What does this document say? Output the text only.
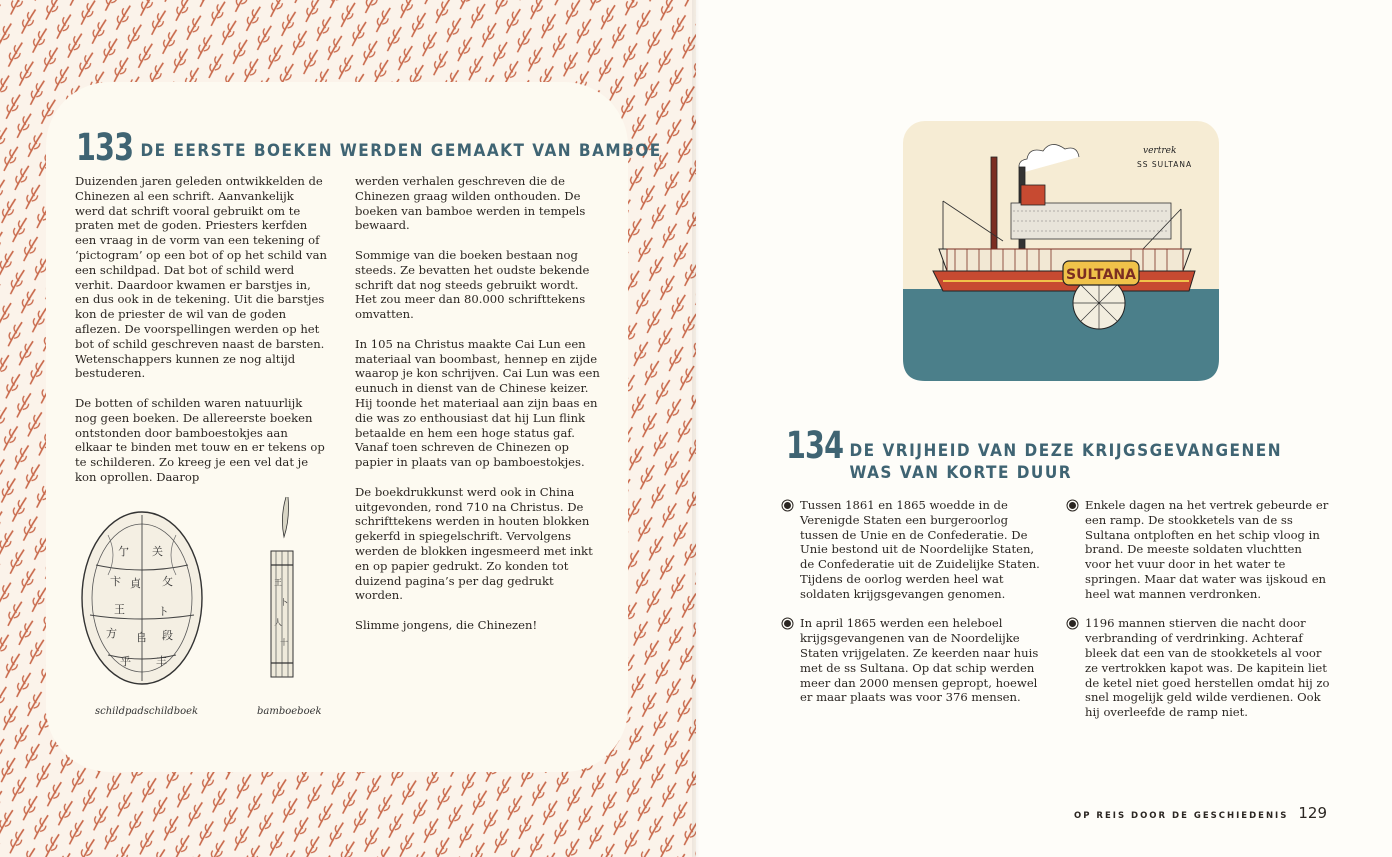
133 DE EERSTE BOEKEN WERDEN GEMAAKT VAN BAMBOE

Duizenden jaren geleden ontwikkelden de Chinezen al een schrift. Aanvankelijk werd dat schrift vooral gebruikt om te praten met de goden. Priesters kerfden een vraag in de vorm van een tekening of ‘pictogram’ op een bot of op het schild van een schildpad. Dat bot of schild werd verhit. Daardoor kwamen er barstjes in, en dus ook in de tekening. Uit die barstjes kon de priester de wil van de goden aflezen. De voorspellingen werden op het bot of schild geschreven naast de barsten. Wetenschappers kunnen ze nog altijd bestuderen.

De botten of schilden waren natuurlijk nog geen boeken. De allereerste boeken ontstonden door bamboestokjes aan elkaar te binden met touw en er tekens op te schilderen. Zo kreeg je een vel dat je kon oprollen. Daarop

werden verhalen geschreven die de Chinezen graag wilden onthouden. De boeken van bamboe werden in tempels bewaard.

Sommige van die boeken bestaan nog steeds. Ze bevatten het oudste bekende schrift dat nog steeds gebruikt wordt. Het zou meer dan 80.000 schrifttekens omvatten.

In 105 na Christus maakte Cai Lun een materiaal van boombast, hennep en zijde waarop je kon schrijven. Cai Lun was een eunuch in dienst van de Chinese keizer. Hij toonde het materiaal aan zijn baas en die was zo enthousiast dat hij Lun flink betaalde en hem een hoge status gaf. Vanaf toen schreven de Chinezen op papier in plaats van op bamboestokjes.

De boekdrukkunst werd ook in China uitgevonden, rond 710 na Christus. De schrifttekens werden in houten blokken gekerfd in spiegelschrift. Vervolgens werden de blokken ingesmeerd met inkt en op papier gedrukt. Zo konden tot duizend pagina’s per dag gedrukt worden.

Slimme jongens, die Chinezen!

亇 关
卞 貞 攵
王	ト
方 𠂤 段
乎 丰
王
卜
人
十
schildpadschildboek	bamboeboek
SULTANA
vertrek
SS SULTANA
134 DE VRIJHEID VAN DEZE KRIJGSGEVANGENEN
WAS VAN KORTE DUUR
Tussen 1861 en 1865 woedde in de Verenigde Staten een burgeroorlog tussen de Unie en de Confederatie. De Unie bestond uit de Noordelijke Staten, de Confederatie uit de Zuidelijke Staten. Tijdens de oorlog werden heel wat soldaten krijgsgevangen genomen.
In april 1865 werden een heleboel krijgsgevangenen van de Noordelijke Staten vrijgelaten. Ze keerden naar huis met de ss Sultana. Op dat schip werden meer dan 2000 mensen gepropt, hoewel er maar plaats was voor 376 mensen.
Enkele dagen na het vertrek gebeurde er een ramp. De stookketels van de ss Sultana ontploften en het schip vloog in brand. De meeste soldaten vluchtten voor het vuur door in het water te springen. Maar dat water was ijskoud en heel wat mannen verdronken.
1196 mannen stierven die nacht door verbranding of verdrinking. Achteraf bleek dat een van de stookketels al voor ze vertrokken kapot was. De kapitein liet de ketel niet goed herstellen omdat hij zo snel mogelijk geld wilde verdienen. Ook hij overleefde de ramp niet.
OP REIS DOOR DE GESCHIEDENIS 129
